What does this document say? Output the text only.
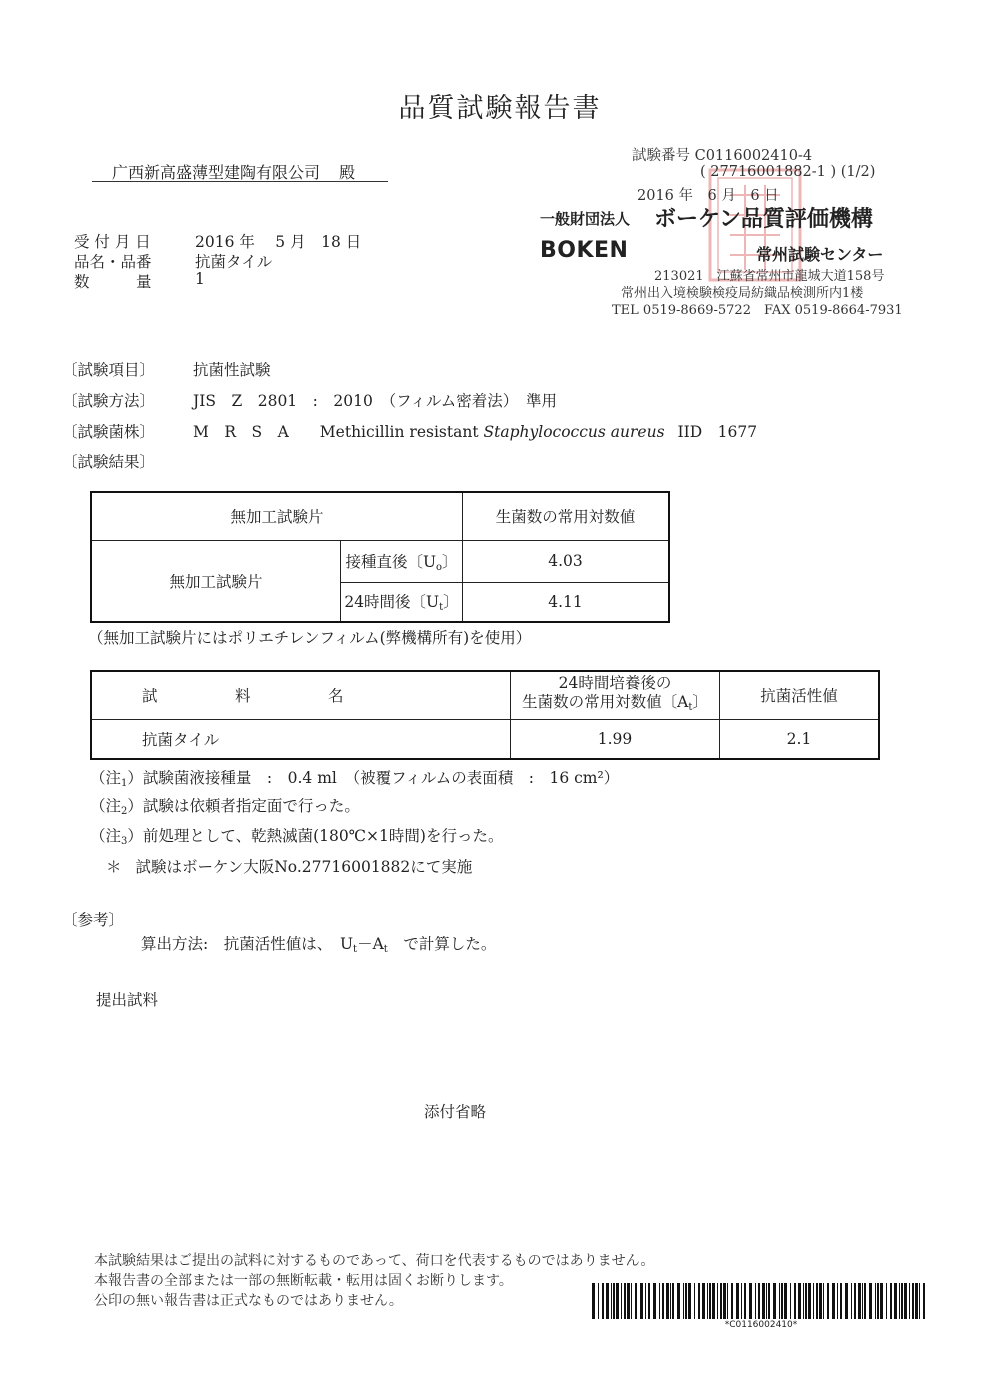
品質試験報告書
广西新高盛薄型建陶有限公司 殿
試験番号 C0116002410-4
( 27716001882-1 ) (1/2)
2016 年　6 月　6 日
一般財団法人 ボーケン品質評価機構
BOKEN	常州試験センター
213021　江蘇省常州市龍城大道158号
常州出入境検験検疫局紡織品検測所内1楼
TEL 0519-8669-5722　FAX 0519-8664-7931
受 付 月 日	2016 年　 5 月　18 日
品名・品番	抗菌タイル
数　　　量	1
〔試験項目〕 抗菌性試験
〔試験方法〕 JIS　Z　2801　:　2010　（フィルム密着法）　準用
〔試験菌株〕 M　R　S　A Methicillin resistant Staphylococcus aureus IID　1677
〔試験結果〕
無加工試験片		生菌数の常用対数値
無加工試験片	接種直後〔$U_o$〕	4.03
	24時間後〔$U_t$〕	4.11
（無加工試験片にはポリエチレンフィルム(弊機構所有)を使用）
試　　　　　料　　　　　名	24時間培養後の
生菌数の常用対数値〔$A_t$〕	抗菌活性値
抗菌タイル	1.99	2.1
（注$_1$）試験菌液接種量　:　0.4 ml　（被覆フィルムの表面積　:　16 cm²）
（注$_2$）試験は依頼者指定面で行った。
（注$_3$）前処理として、乾熱滅菌(180℃×1時間)を行った。
＊ 試験はボーケン大阪No.27716001882にて実施
〔参考〕
算出方法:　抗菌活性値は、　$U_t-A_t$　で計算した。
提出試料
添付省略
本試験結果はご提出の試料に対するものであって、荷口を代表するものではありません。
本報告書の全部または一部の無断転載・転用は固くお断りします。
公印の無い報告書は正式なものではありません。
*C0116002410*
